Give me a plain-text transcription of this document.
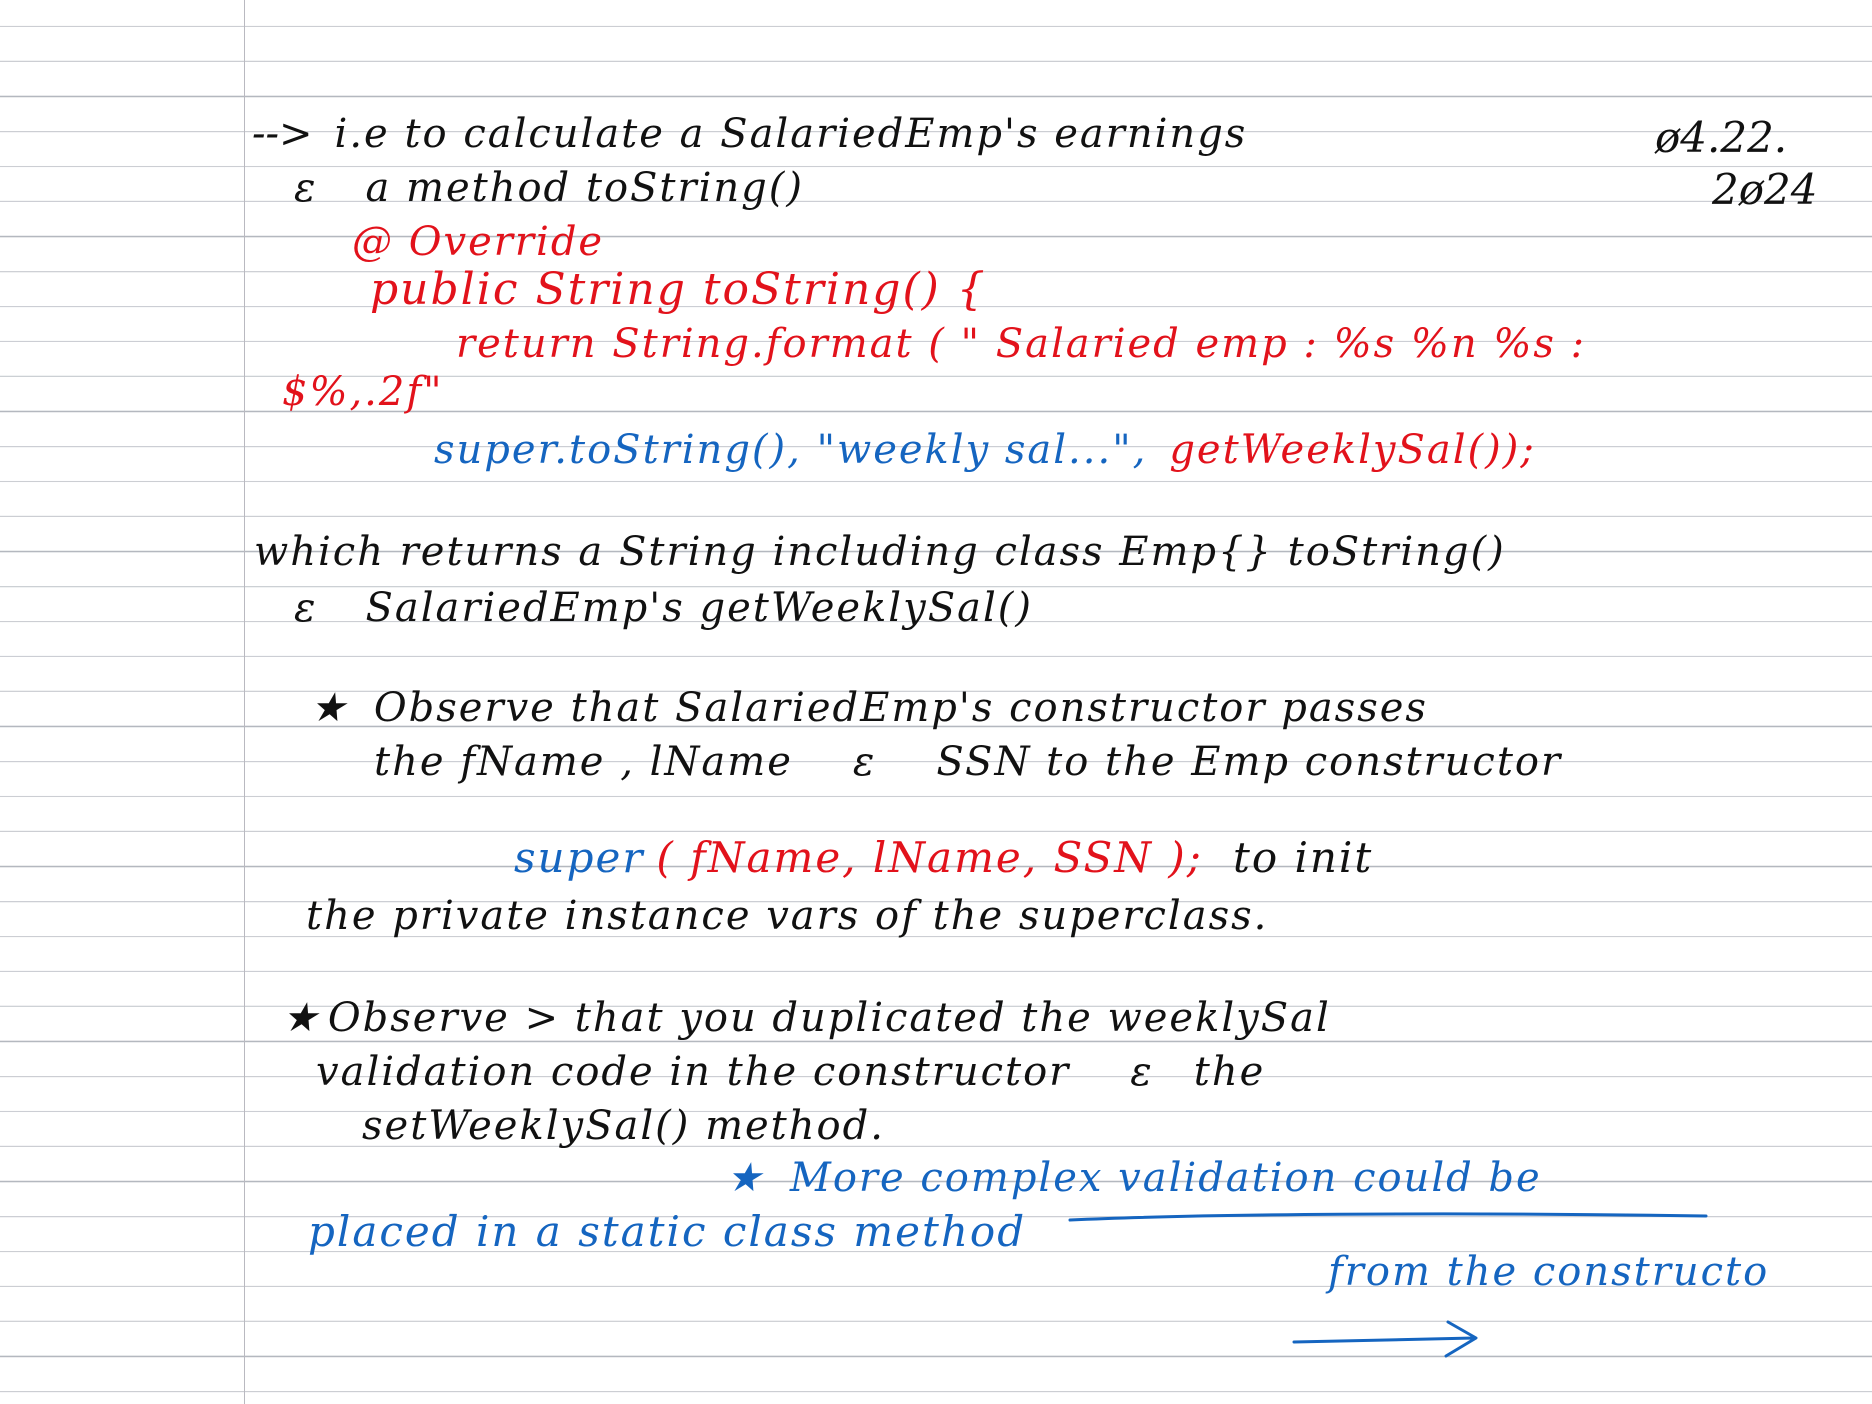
ø4.22.
2ø24
--> i.e to calculate a SalariedEmp's earnings
ε a method toString()
@ Override
public String toString() {
return String.format ( " Salaried emp : %s %n %s :
$%,.2f"
super.toString(), "weekly sal...", getWeeklySal());
which returns a String including class Emp{} toString()
ε SalariedEmp's getWeeklySal()
★ Observe that SalariedEmp's constructor passes
the fName , lName ε SSN to the Emp constructor
super ( fName, lName, SSN ); to init
the private instance vars of the superclass.
★ Observe > that you duplicated the weeklySal
validation code in the constructor ε the
setWeeklySal() method.
★ More complex validation could be
placed in a static class method
from the constructo
